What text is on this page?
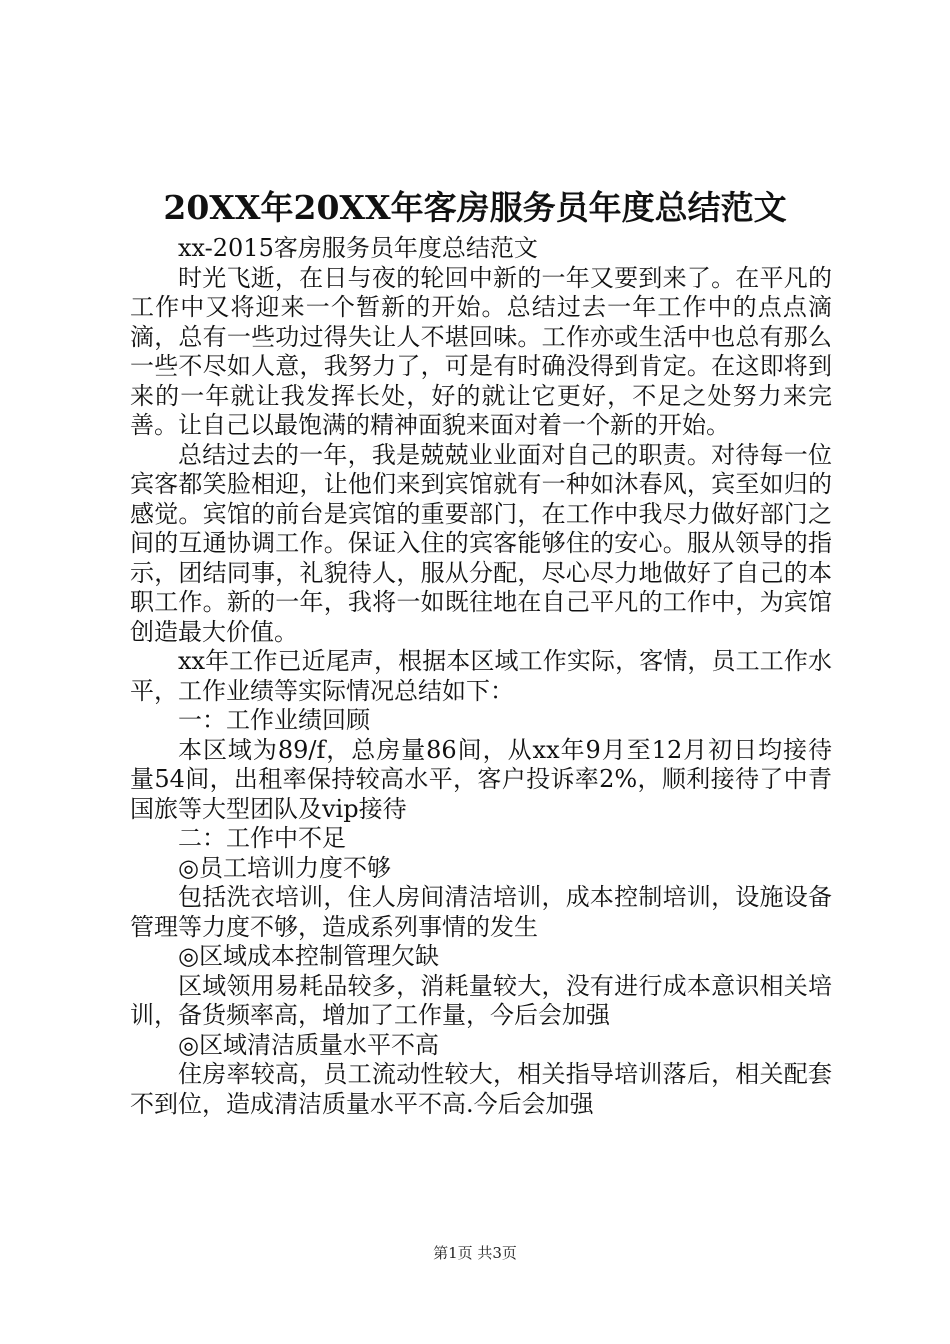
20XX年20XX年客房服务员年度总结范文

xx-2015客房服务员年度总结范文

时光飞逝，在日与夜的轮回中新的一年又要到来了。在平凡的工作中又将迎来一个暂新的开始。总结过去一年工作中的点点滴滴，总有一些功过得失让人不堪回味。工作亦或生活中也总有那么一些不尽如人意，我努力了，可是有时确没得到肯定。在这即将到来的一年就让我发挥长处，好的就让它更好，不足之处努力来完善。让自己以最饱满的精神面貌来面对着一个新的开始。

总结过去的一年，我是兢兢业业面对自己的职责。对待每一位宾客都笑脸相迎，让他们来到宾馆就有一种如沐春风，宾至如归的感觉。宾馆的前台是宾馆的重要部门，在工作中我尽力做好部门之间的互通协调工作。保证入住的宾客能够住的安心。服从领导的指示，团结同事，礼貌待人，服从分配，尽心尽力地做好了自己的本职工作。新的一年，我将一如既往地在自己平凡的工作中，为宾馆创造最大价值。

xx年工作已近尾声，根据本区域工作实际，客情，员工工作水平，工作业绩等实际情况总结如下：

一：工作业绩回顾

本区域为89/f，总房量86间，从xx年9月至12月初日均接待量54间，出租率保持较高水平，客户投诉率2%，顺利接待了中青国旅等大型团队及vip接待

二：工作中不足

◎员工培训力度不够

包括洗衣培训，住人房间清洁培训，成本控制培训，设施设备管理等力度不够，造成系列事情的发生

◎区域成本控制管理欠缺

区域领用易耗品较多，消耗量较大，没有进行成本意识相关培训，备货频率高，增加了工作量，今后会加强

◎区域清洁质量水平不高

住房率较高，员工流动性较大，相关指导培训落后，相关配套不到位，造成清洁质量水平不高.今后会加强

第1页 共3页
